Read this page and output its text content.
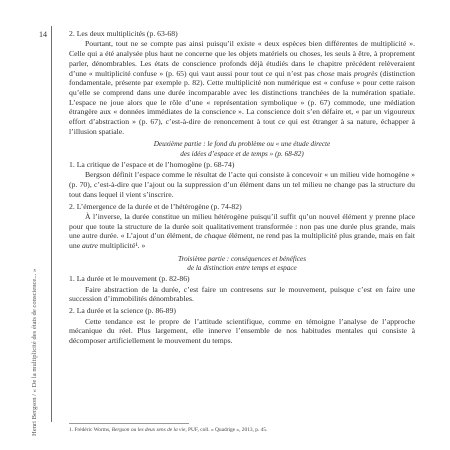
14
Henri Bergson / « De la multiplicité des états de conscience... »
2. Les deux multiplicités (p. 63-68)

Pourtant, tout ne se compte pas ainsi puisqu’il existe « deux espèces bien différentes de multiplicité ». Celle qui a été analysée plus haut ne concerne que les objets matériels ou choses, les seuls à être, à proprement parler, dénombrables. Les états de conscience profonds déjà étudiés dans le chapitre précédent relèveraient d’une « multiplicité confuse » (p. 65) qui vaut aussi pour tout ce qui n’est pas chose mais progrès (distinction fondamentale, présente par exemple p. 82). Cette multiplicité non numérique est « confuse » pour cette raison qu’elle se comprend dans une durée incomparable avec les distinctions tranchées de la numération spatiale. L’espace ne joue alors que le rôle d’une « représentation symbolique » (p. 67) commode, une médiation étrangère aux « données immédiates de la conscience ». La conscience doit s’en défaire et, « par un vigoureux effort d’abstraction » (p. 67), c’est-à-dire de renoncement à tout ce qui est étranger à sa nature, échapper à l’illusion spatiale.

Deuxième partie : le fond du problème ou « une étude directe
des idées d’espace et de temps » (p. 68-82)
1. La critique de l’espace et de l’homogène (p. 68-74)

Bergson définit l’espace comme le résultat de l’acte qui consiste à concevoir « un milieu vide homogène » (p. 70), c’est-à-dire que l’ajout ou la suppression d’un élément dans un tel milieu ne change pas la structure du tout dans lequel il vient s’inscrire.

2. L’émergence de la durée et de l’hétérogène (p. 74-82)

À l’inverse, la durée constitue un milieu hétérogène puisqu’il suffit qu’un nouvel élément y prenne place pour que toute la structure de la durée soit qualitativement transformée : non pas une durée plus grande, mais une autre durée. « L’ajout d’un élément, de chaque élément, ne rend pas la multiplicité plus grande, mais en fait une autre multiplicité¹. »

Troisième partie : conséquences et bénéfices
de la distinction entre temps et espace
1. La durée et le mouvement (p. 82-86)

Faire abstraction de la durée, c’est faire un contresens sur le mouvement, puisque c’est en faire une succession d’immobilités dénombrables.

2. La durée et la science (p. 86-89)

Cette tendance est le propre de l’attitude scientifique, comme en témoigne l’analyse de l’approche mécanique du réel. Plus largement, elle innerve l’ensemble de nos habitudes mentales qui consiste à décomposer artificiellement le mouvement du temps.

1. Frédéric Worms, Bergson ou les deux sens de la vie, PUF, coll. « Quadrige », 2013, p. 45.
